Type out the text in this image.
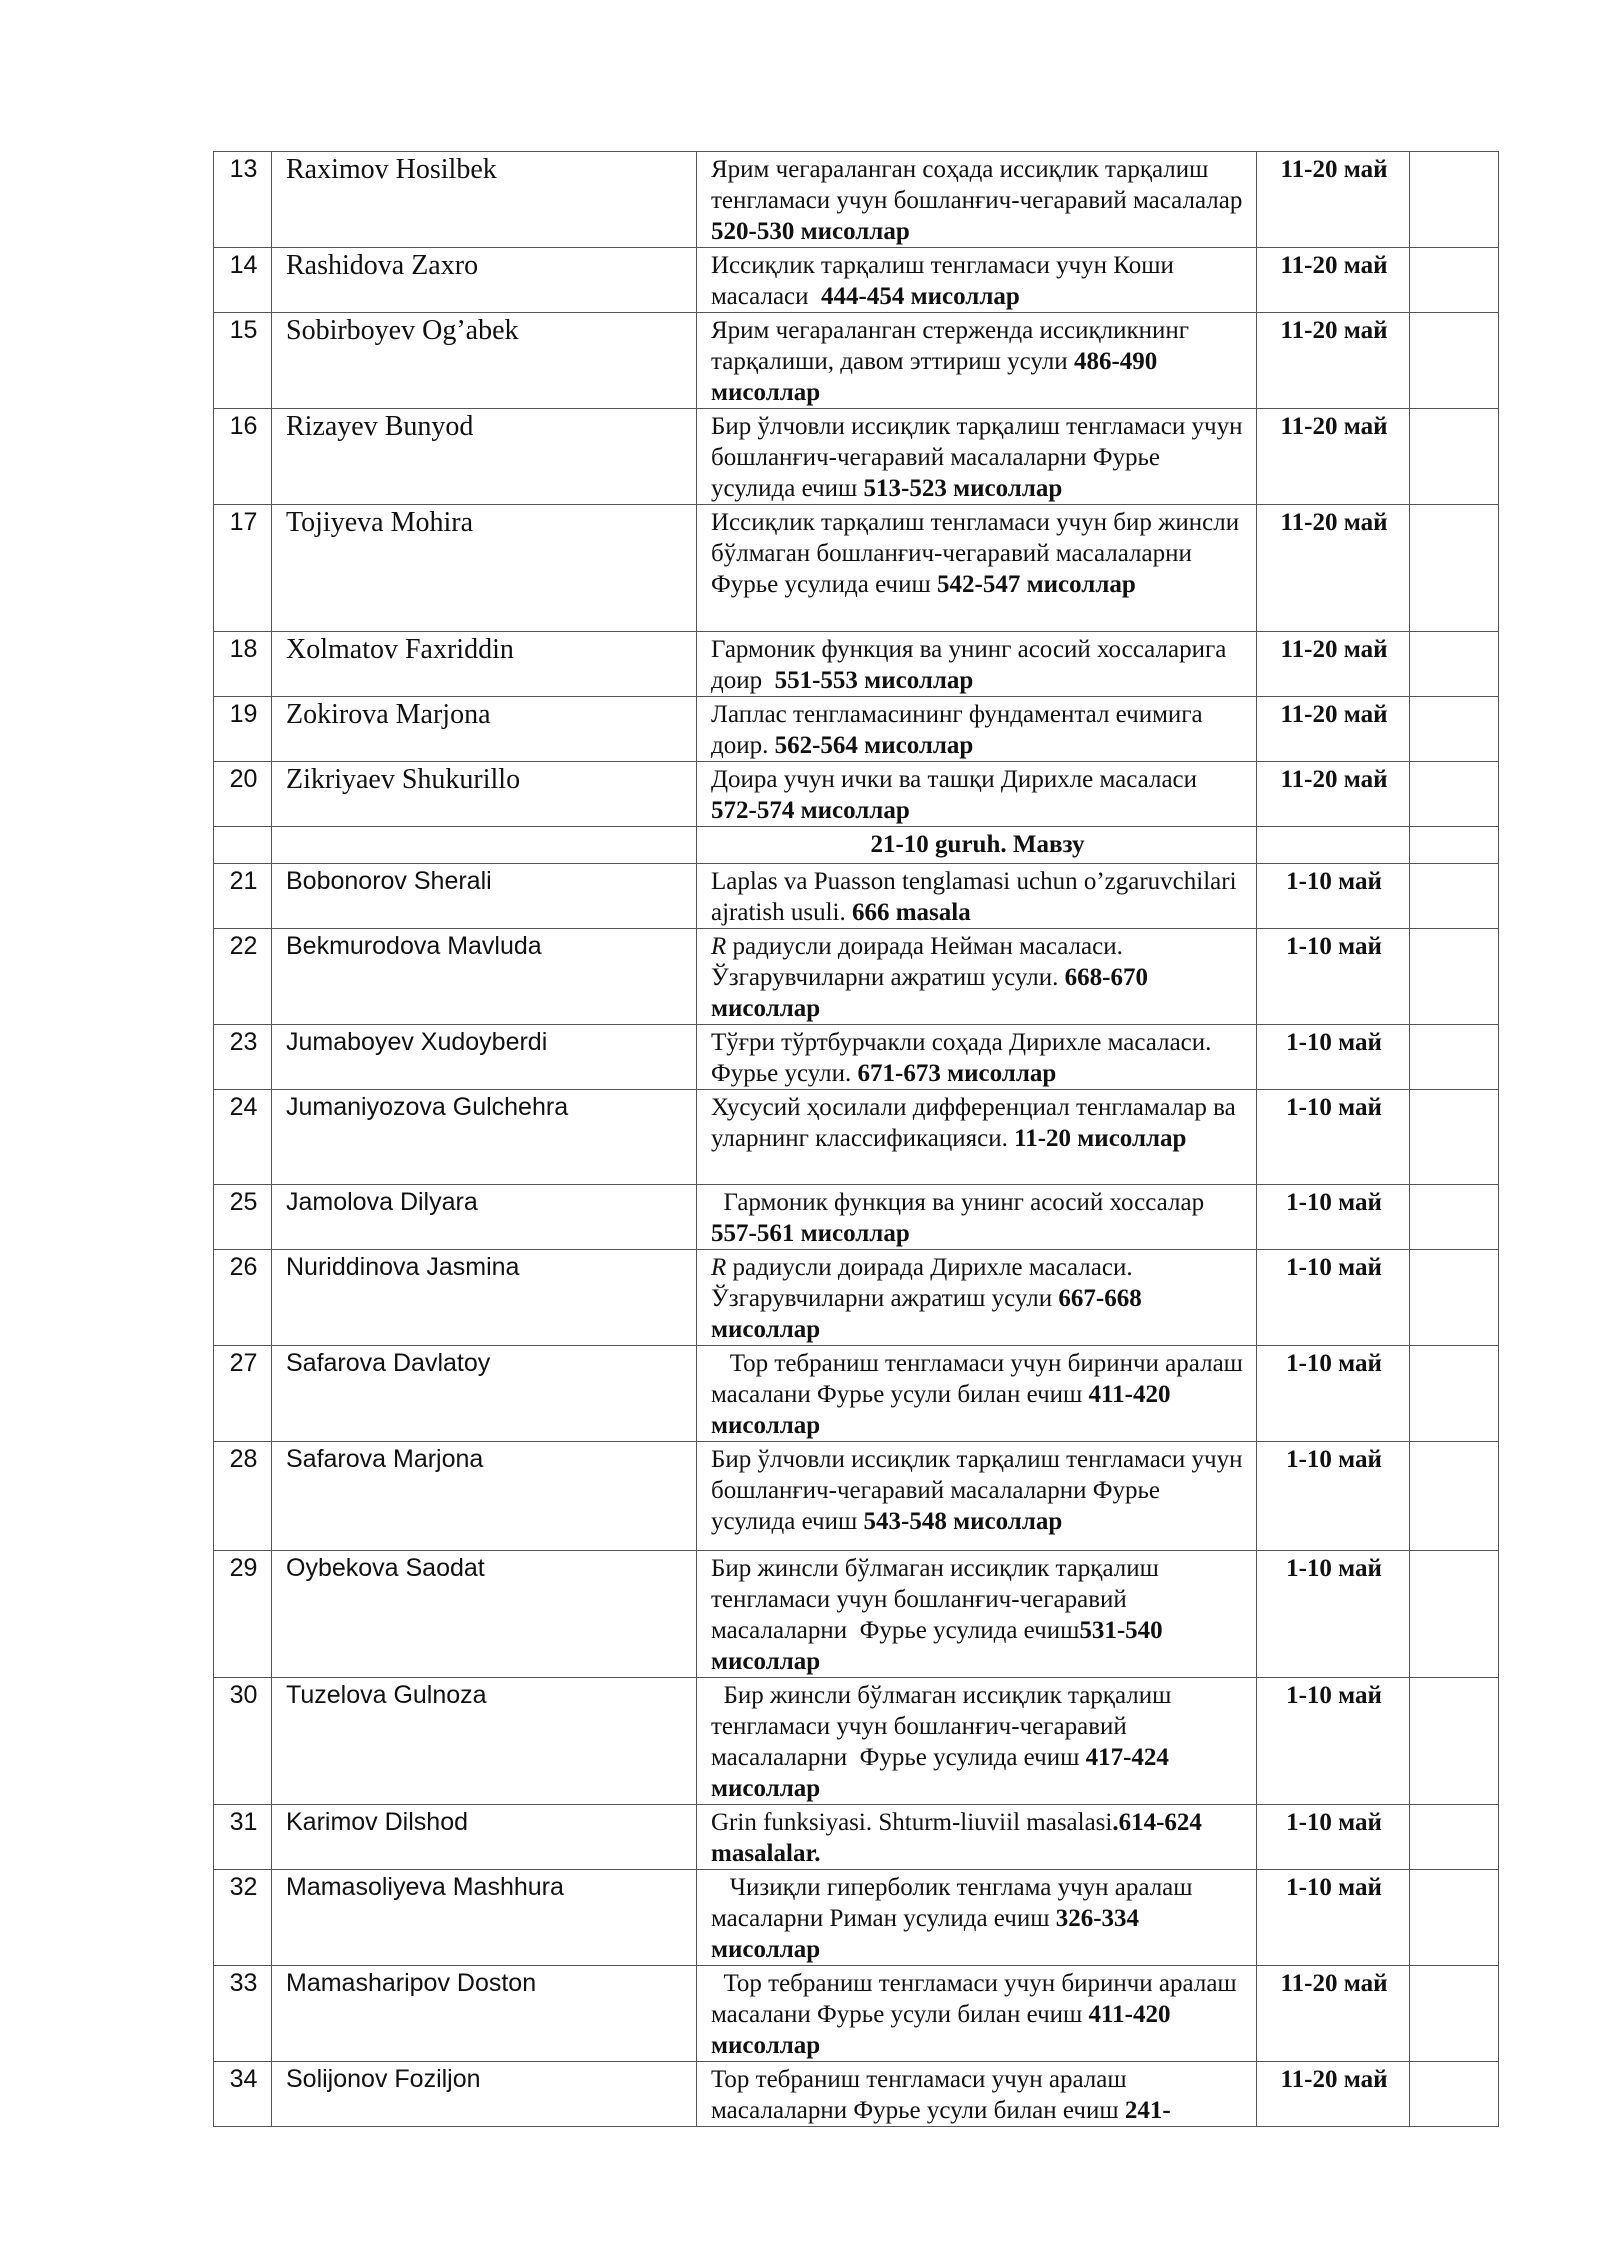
13	Raximov Hosilbek	Ярим чегараланган соҳада иссиқлик тарқалиш тенгламаси учун бошланғич-чегаравий масалалар 520-530 мисоллар	11-20 май	
14	Rashidova Zaxro	Иссиқлик тарқалиш тенгламаси учун Коши масаласи  444-454 мисоллар	11-20 май	
15	Sobirboyev Og’abek	Ярим чегараланган стерженда иссиқликнинг тарқалиши, давом эттириш усули 486-490 мисоллар	11-20 май	
16	Rizayev Bunyod	Бир ўлчовли иссиқлик тарқалиш тенгламаси учун бошланғич-чегаравий масалаларни Фурье усулида ечиш 513-523 мисоллар	11-20 май	
17	Tojiyeva Mohira	Иссиқлик тарқалиш тенгламаси учун бир жинсли бўлмаган бошланғич-чегаравий масалаларни  Фурье усулида ечиш 542-547 мисоллар	11-20 май	
18	Xolmatov Faxriddin	Гармоник функция ва унинг асосий хоссаларига доир  551-553 мисоллар	11-20 май	
19	Zokirova Marjona	Лаплас тенгламасининг фундаментал ечимига доир. 562-564 мисоллар	11-20 май	
20	Zikriyaev Shukurillo	Доира учун ички ва ташқи Дирихле масаласи 572-574 мисоллар	11-20 май	
		21-10 guruh. Мавзу		
21	Bobonorov Sherali	Laplas va Puasson tenglamasi uchun o’zgaruvchilari ajratish usuli. 666 masala	1-10 май	
22	Bekmurodova Mavluda	R радиусли доирада Нейман масаласи. Ўзгарувчиларни ажратиш усули. 668-670 мисоллар	1-10 май	
23	Jumaboyev Xudoyberdi	Тўғри тўртбурчакли соҳада Дирихле масаласи. Фурье усули. 671-673 мисоллар	1-10 май	
24	Jumaniyozova Gulchehra	Хусусий ҳосилали дифференциал тенгламалар ва уларнинг классификацияси. 11-20 мисоллар	1-10 май	
25	Jamolova Dilyara	Гармоник функция ва унинг асосий хоссалар 557-561 мисоллар	1-10 май	
26	Nuriddinova Jasmina	R радиусли доирада Дирихле масаласи. Ўзгарувчиларни ажратиш усули 667-668 мисоллар	1-10 май	
27	Safarova Davlatoy	Тор тебраниш тенгламаси учун биринчи аралаш масалани Фурье усули билан ечиш 411-420 мисоллар	1-10 май	
28	Safarova Marjona	Бир ўлчовли иссиқлик тарқалиш тенгламаси учун бошланғич-чегаравий масалаларни Фурье усулида ечиш 543-548 мисоллар	1-10 май	
29	Oybekova Saodat	Бир жинсли бўлмаган иссиқлик тарқалиш тенгламаси учун бошланғич-чегаравий масалаларни  Фурье усулида ечиш531-540 мисоллар	1-10 май	
30	Tuzelova Gulnoza	Бир жинсли бўлмаган иссиқлик тарқалиш тенгламаси учун бошланғич-чегаравий масалаларни  Фурье усулида ечиш 417-424 мисоллар	1-10 май	
31	Karimov Dilshod	Grin funksiyasi. Shturm-liuviil masalasi.614-624 masalalar.	1-10 май	
32	Mamasoliyeva Mashhura	Чизиқли гиперболик тенглама учун аралаш масаларни Риман усулида ечиш 326-334 мисоллар	1-10 май	
33	Mamasharipov Doston	Тор тебраниш тенгламаси учун биринчи аралаш масалани Фурье усули билан ечиш 411-420 мисоллар	11-20 май	
34	Solijonov Foziljon	Тор тебраниш тенгламаси учун аралаш масалаларни Фурье усули билан ечиш 241-	11-20 май	
